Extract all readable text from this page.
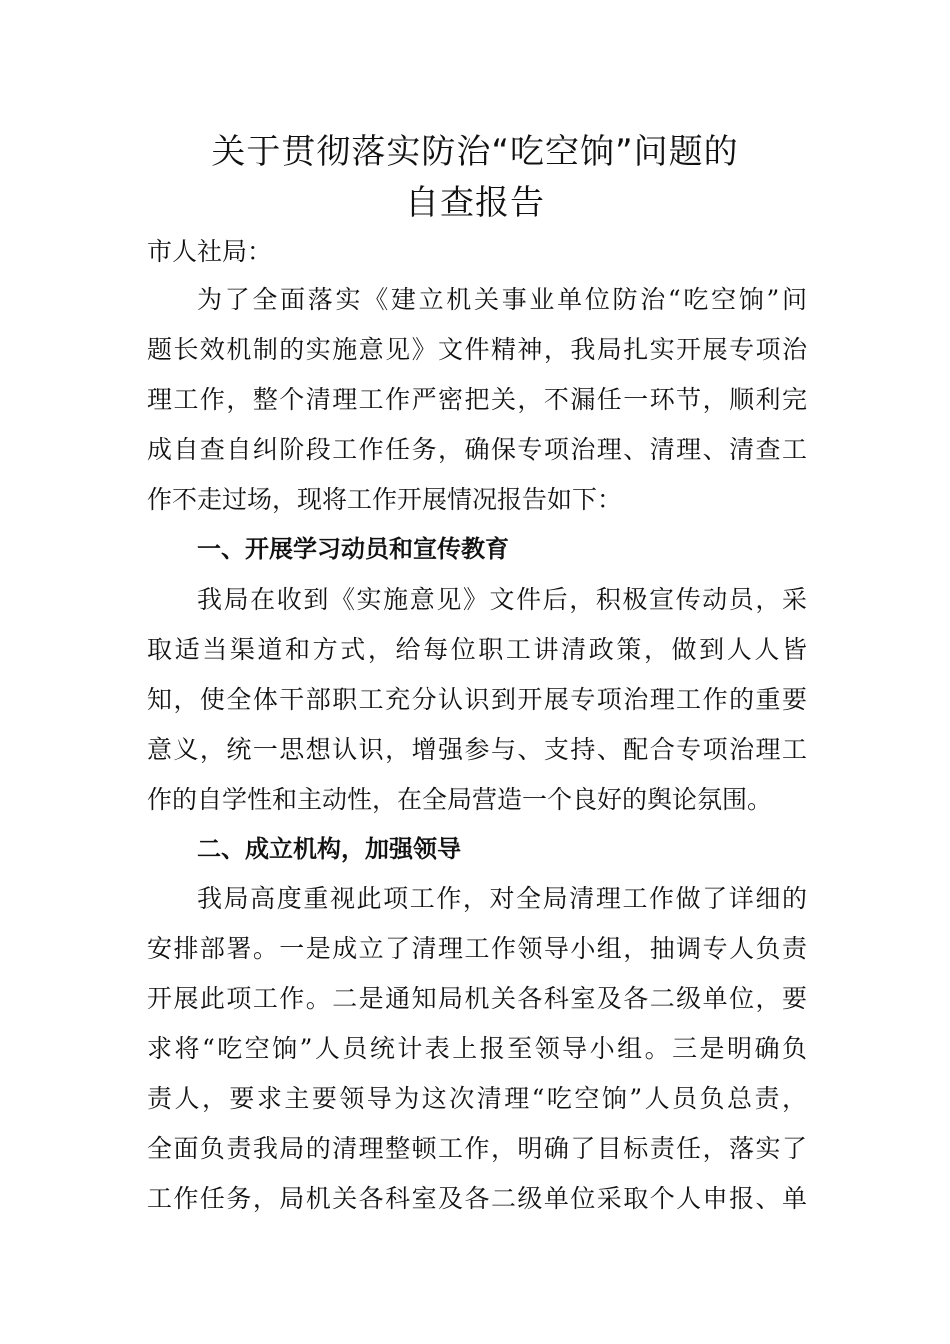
关于贯彻落实防治“吃空饷”问题的
自查报告
市人社局：
为了全面落实《建立机关事业单位防治“吃空饷”问
题长效机制的实施意见》文件精神，我局扎实开展专项治
理工作，整个清理工作严密把关，不漏任一环节，顺利完
成自查自纠阶段工作任务，确保专项治理、清理、清查工
作不走过场，现将工作开展情况报告如下：
一、开展学习动员和宣传教育
我局在收到《实施意见》文件后，积极宣传动员，采
取适当渠道和方式，给每位职工讲清政策，做到人人皆
知，使全体干部职工充分认识到开展专项治理工作的重要
意义，统一思想认识，增强参与、支持、配合专项治理工
作的自学性和主动性，在全局营造一个良好的舆论氛围。
二、成立机构，加强领导
我局高度重视此项工作，对全局清理工作做了详细的
安排部署。一是成立了清理工作领导小组，抽调专人负责
开展此项工作。二是通知局机关各科室及各二级单位，要
求将“吃空饷”人员统计表上报至领导小组。三是明确负
责人，要求主要领导为这次清理“吃空饷”人员负总责，
全面负责我局的清理整顿工作，明确了目标责任，落实了
工作任务，局机关各科室及各二级单位采取个人申报、单
